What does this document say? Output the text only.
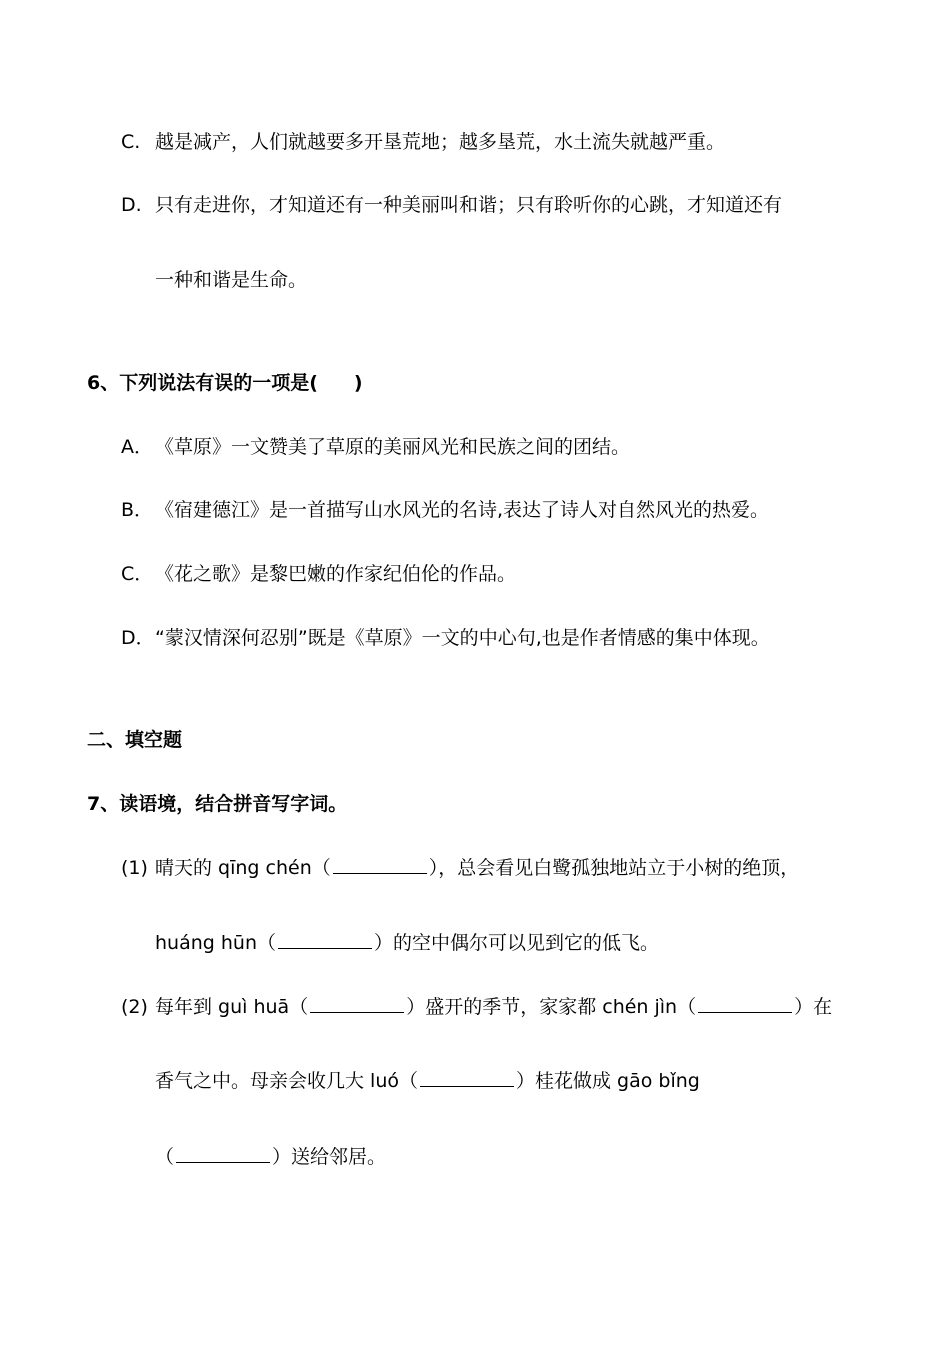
C. 越是减产，人们就越要多开垦荒地；越多垦荒，水土流失就越严重。
D. 只有走进你，才知道还有一种美丽叫和谐；只有聆听你的心跳，才知道还有
一种和谐是生命。
6、下列说法有误的一项是( )
A． 《草原》一文赞美了草原的美丽风光和民族之间的团结。
B． 《宿建德江》是一首描写山水风光的名诗,表达了诗人对自然风光的热爱。
C．《花之歌》是黎巴嫩的作家纪伯伦的作品。
D．“蒙汉情深何忍别”既是《草原》一文的中心句,也是作者情感的集中体现。
二、填空题
7、读语境，结合拼音写字词。
(1) 晴天的 qīng chén（	），总会看见白鹭孤独地站立于小树的绝顶，
huáng hūn（	）的空中偶尔可以见到它的低飞。
(2) 每年到 guì huā（	）盛开的季节，家家都 chén jìn（	）在
香气之中。母亲会收几大 luó（	）桂花做成 gāo bǐng
（	）送给邻居。
